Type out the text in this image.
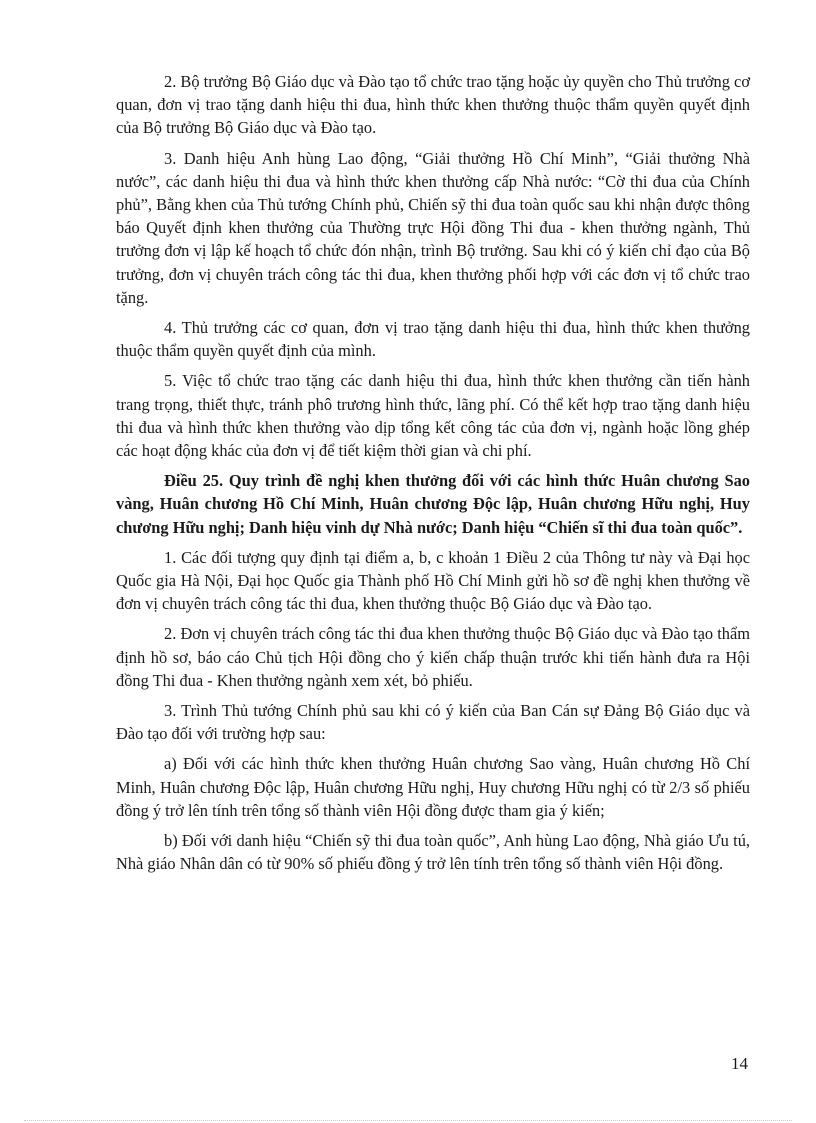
2. Bộ trưởng Bộ Giáo dục và Đào tạo tổ chức trao tặng hoặc ủy quyền cho Thủ trưởng cơ quan, đơn vị trao tặng danh hiệu thi đua, hình thức khen thưởng thuộc thẩm quyền quyết định của Bộ trưởng Bộ Giáo dục và Đào tạo.

3. Danh hiệu Anh hùng Lao động, “Giải thưởng Hồ Chí Minh”, “Giải thưởng Nhà nước”, các danh hiệu thi đua và hình thức khen thưởng cấp Nhà nước: “Cờ thi đua của Chính phủ”, Bằng khen của Thủ tướng Chính phủ, Chiến sỹ thi đua toàn quốc sau khi nhận được thông báo Quyết định khen thưởng của Thường trực Hội đồng Thi đua - khen thưởng ngành, Thủ trưởng đơn vị lập kế hoạch tổ chức đón nhận, trình Bộ trưởng. Sau khi có ý kiến chỉ đạo của Bộ trưởng, đơn vị chuyên trách công tác thi đua, khen thưởng phối hợp với các đơn vị tổ chức trao tặng.

4. Thủ trưởng các cơ quan, đơn vị trao tặng danh hiệu thi đua, hình thức khen thưởng thuộc thẩm quyền quyết định của mình.

5. Việc tổ chức trao tặng các danh hiệu thi đua, hình thức khen thưởng cần tiến hành trang trọng, thiết thực, tránh phô trương hình thức, lãng phí. Có thể kết hợp trao tặng danh hiệu thi đua và hình thức khen thưởng vào dịp tổng kết công tác của đơn vị, ngành hoặc lồng ghép các hoạt động khác của đơn vị để tiết kiệm thời gian và chi phí.

Điều 25. Quy trình đề nghị khen thưởng đối với các hình thức Huân chương Sao vàng, Huân chương Hồ Chí Minh, Huân chương Độc lập, Huân chương Hữu nghị, Huy chương Hữu nghị; Danh hiệu vinh dự Nhà nước; Danh hiệu “Chiến sĩ thi đua toàn quốc”.

1. Các đối tượng quy định tại điểm a, b, c khoản 1 Điều 2 của Thông tư này và Đại học Quốc gia Hà Nội, Đại học Quốc gia Thành phố Hồ Chí Minh gửi hồ sơ đề nghị khen thưởng về đơn vị chuyên trách công tác thi đua, khen thưởng thuộc Bộ Giáo dục và Đào tạo.

2. Đơn vị chuyên trách công tác thi đua khen thưởng thuộc Bộ Giáo dục và Đào tạo thẩm định hồ sơ, báo cáo Chủ tịch Hội đồng cho ý kiến chấp thuận trước khi tiến hành đưa ra Hội đồng Thi đua - Khen thưởng ngành xem xét, bỏ phiếu.

3. Trình Thủ tướng Chính phủ sau khi có ý kiến của Ban Cán sự Đảng Bộ Giáo dục và Đào tạo đối với trường hợp sau:

a) Đối với các hình thức khen thưởng Huân chương Sao vàng, Huân chương Hồ Chí Minh, Huân chương Độc lập, Huân chương Hữu nghị, Huy chương Hữu nghị có từ 2/3 số phiếu đồng ý trở lên tính trên tổng số thành viên Hội đồng được tham gia ý kiến;

b) Đối với danh hiệu “Chiến sỹ thi đua toàn quốc”, Anh hùng Lao động, Nhà giáo Ưu tú, Nhà giáo Nhân dân có từ 90% số phiếu đồng ý trở lên tính trên tổng số thành viên Hội đồng.

14
